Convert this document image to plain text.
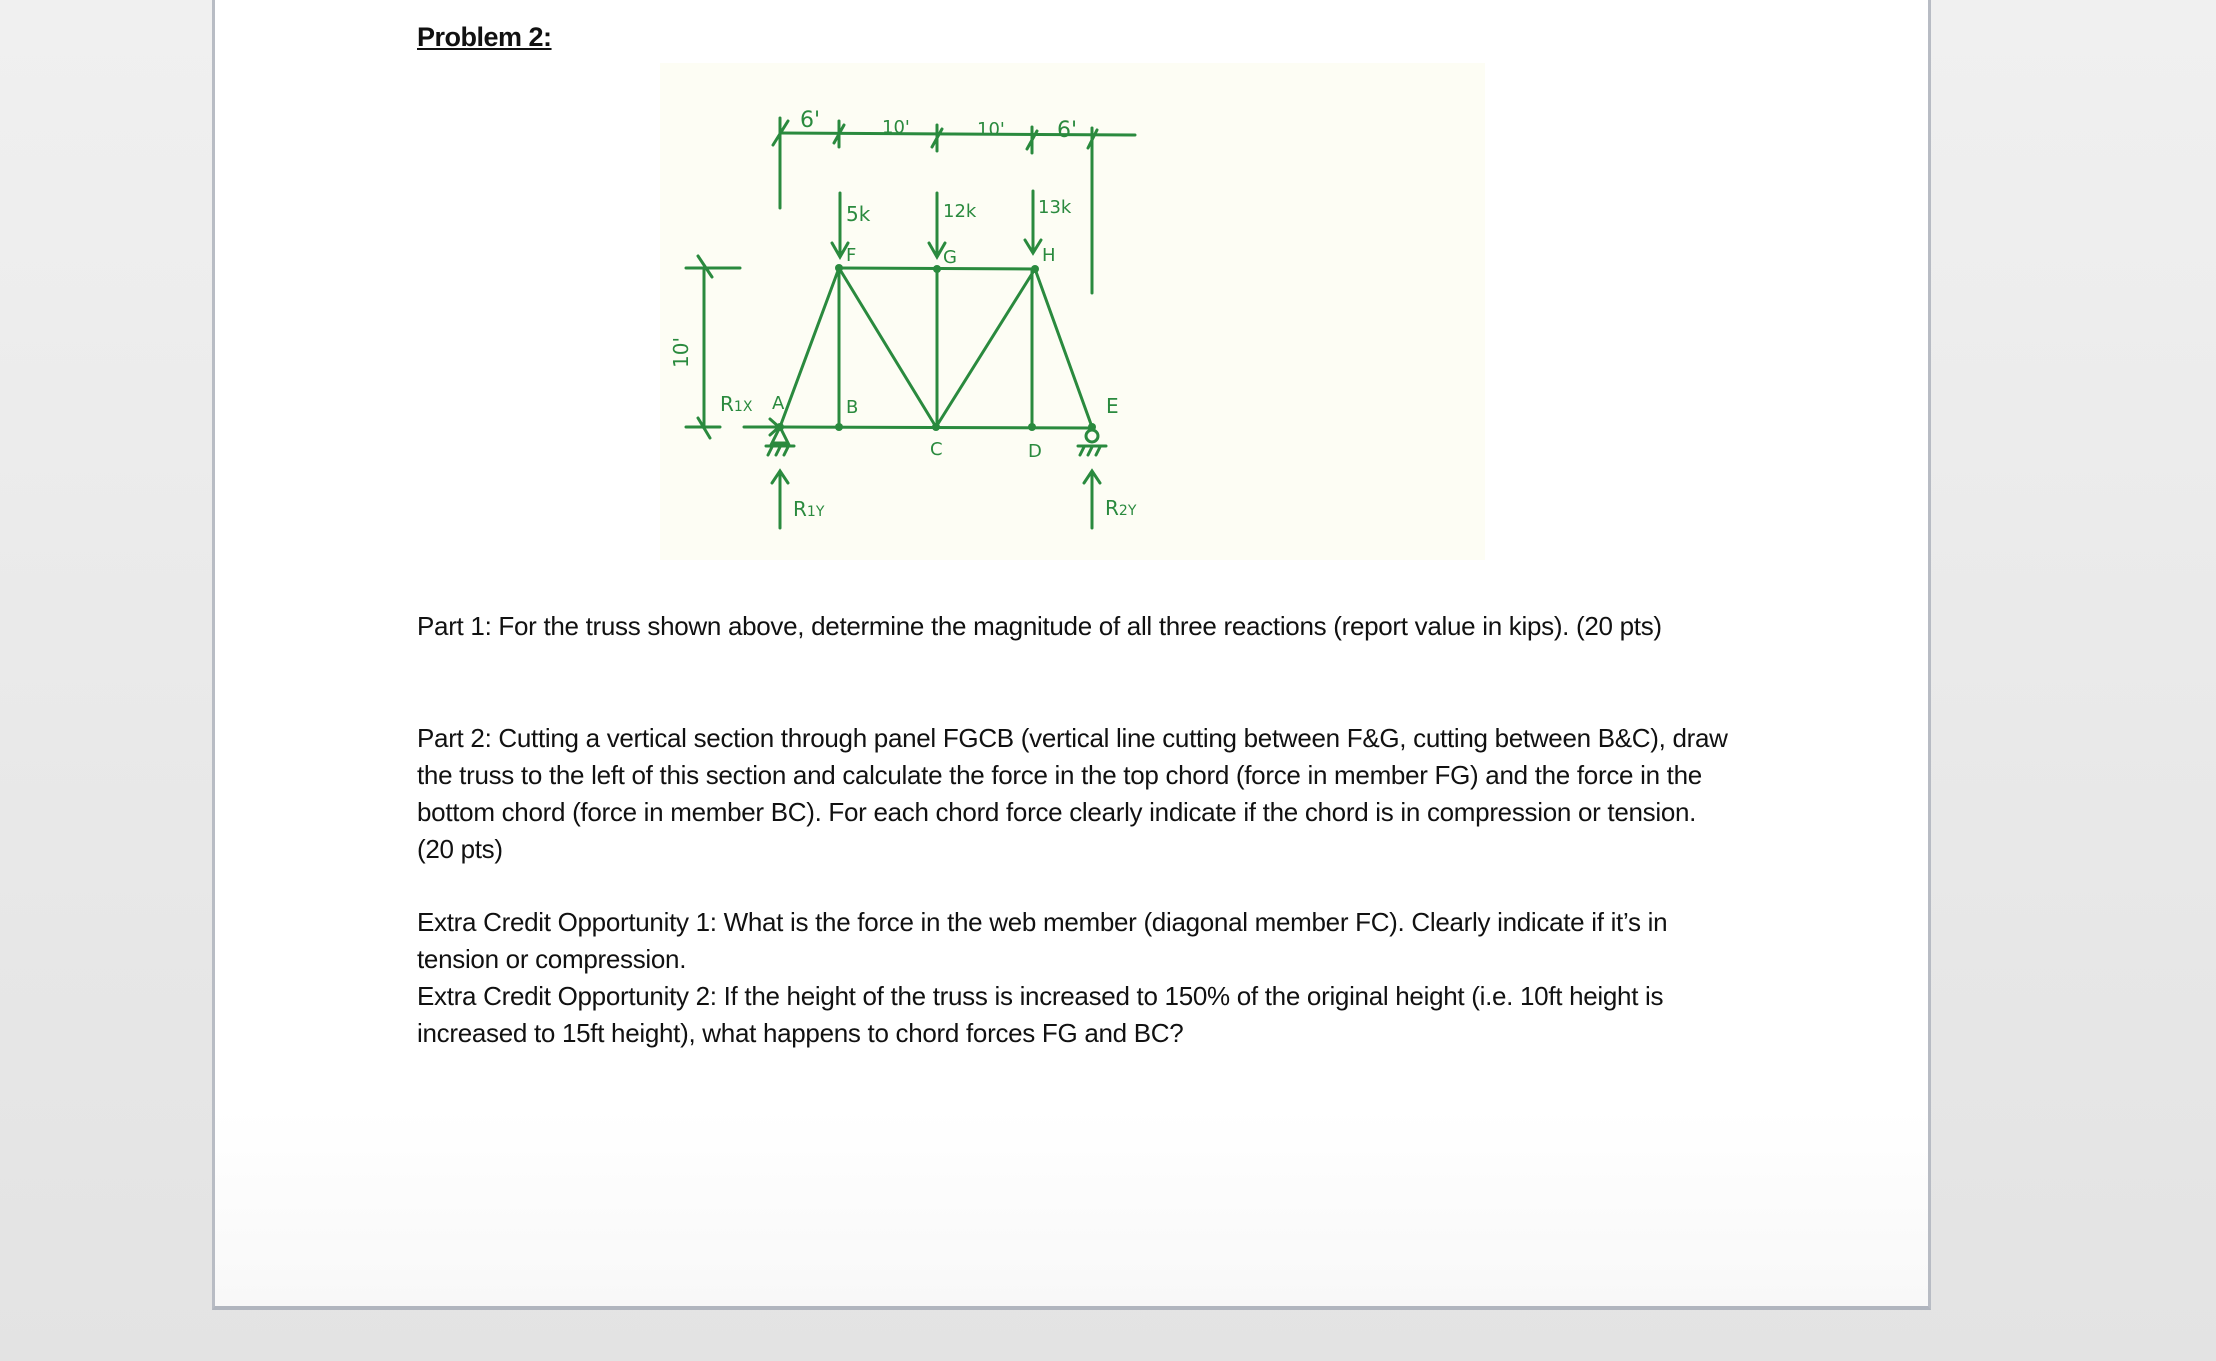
Problem 2:
6'	10'	10' 6'
10'
5k	12k	13k
F	G	H
A	B
C	D
E
R1X
R1Y	R2Y
Part 1: For the truss shown above, determine the magnitude of all three reactions (report value in kips). (20 pts)
Part 2: Cutting a vertical section through panel FGCB (vertical line cutting between F&G, cutting between B&C), draw the truss to the left of this section and calculate the force in the top chord (force in member FG) and the force in the bottom chord (force in member BC). For each chord force clearly indicate if the chord is in compression or tension. (20 pts)
Extra Credit Opportunity 1: What is the force in the web member (diagonal member FC). Clearly indicate if it’s in tension or compression.
Extra Credit Opportunity 2: If the height of the truss is increased to 150% of the original height (i.e. 10ft height is increased to 15ft height), what happens to chord forces FG and BC?
